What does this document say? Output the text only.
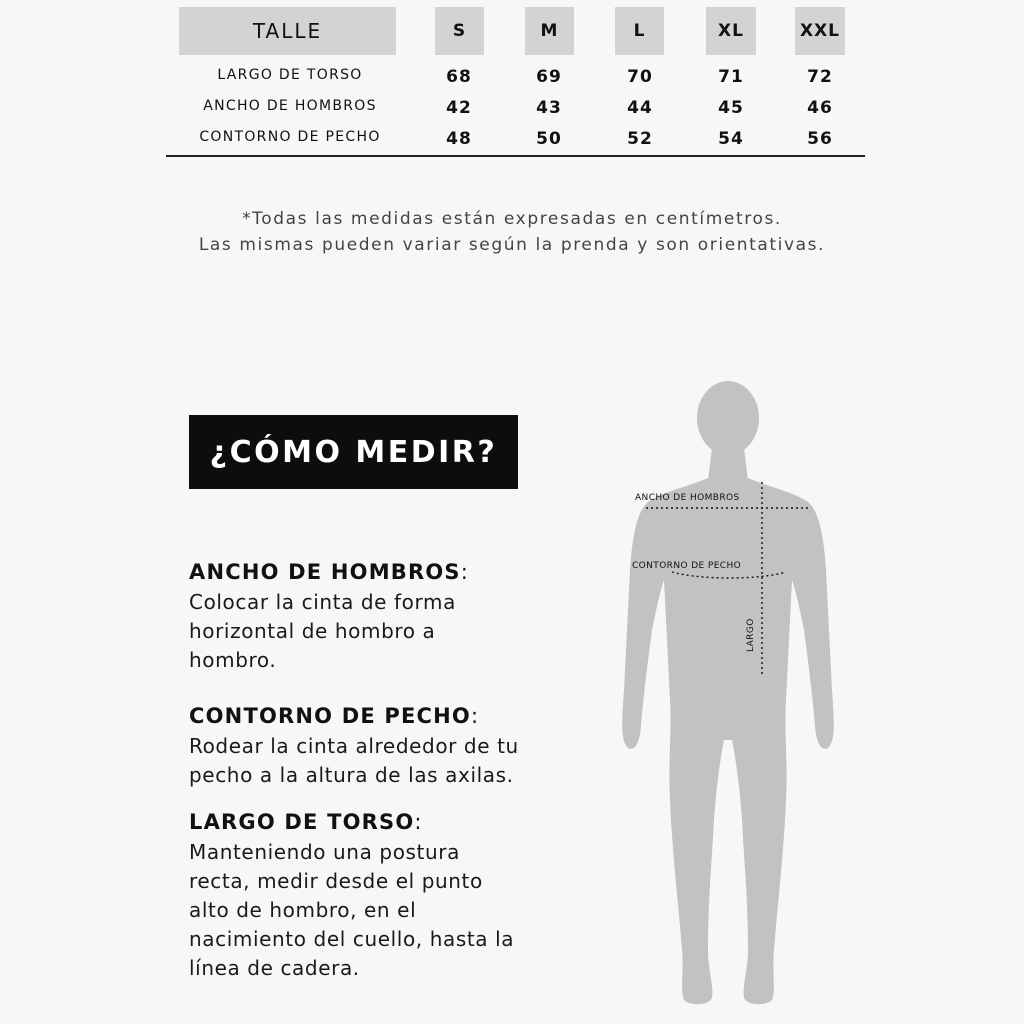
TALLE	S	M	L	XL	XXL
LARGO DE TORSO	68	69	70	71	72
ANCHO DE HOMBROS	42	43	44	45	46
CONTORNO DE PECHO	48	50	52	54	56
*Todas las medidas están expresadas en centímetros.
Las mismas pueden variar según la prenda y son orientativas.
¿CÓMO MEDIR?
ANCHO DE HOMBROS:
Colocar la cinta de forma
horizontal de hombro a
hombro.
CONTORNO DE PECHO:
Rodear la cinta alrededor de tu
pecho a la altura de las axilas.
LARGO DE TORSO:
Manteniendo una postura
recta, medir desde el punto
alto de hombro, en el
nacimiento del cuello, hasta la
línea de cadera.
ANCHO DE HOMBROS
CONTORNO DE PECHO
LARGO
